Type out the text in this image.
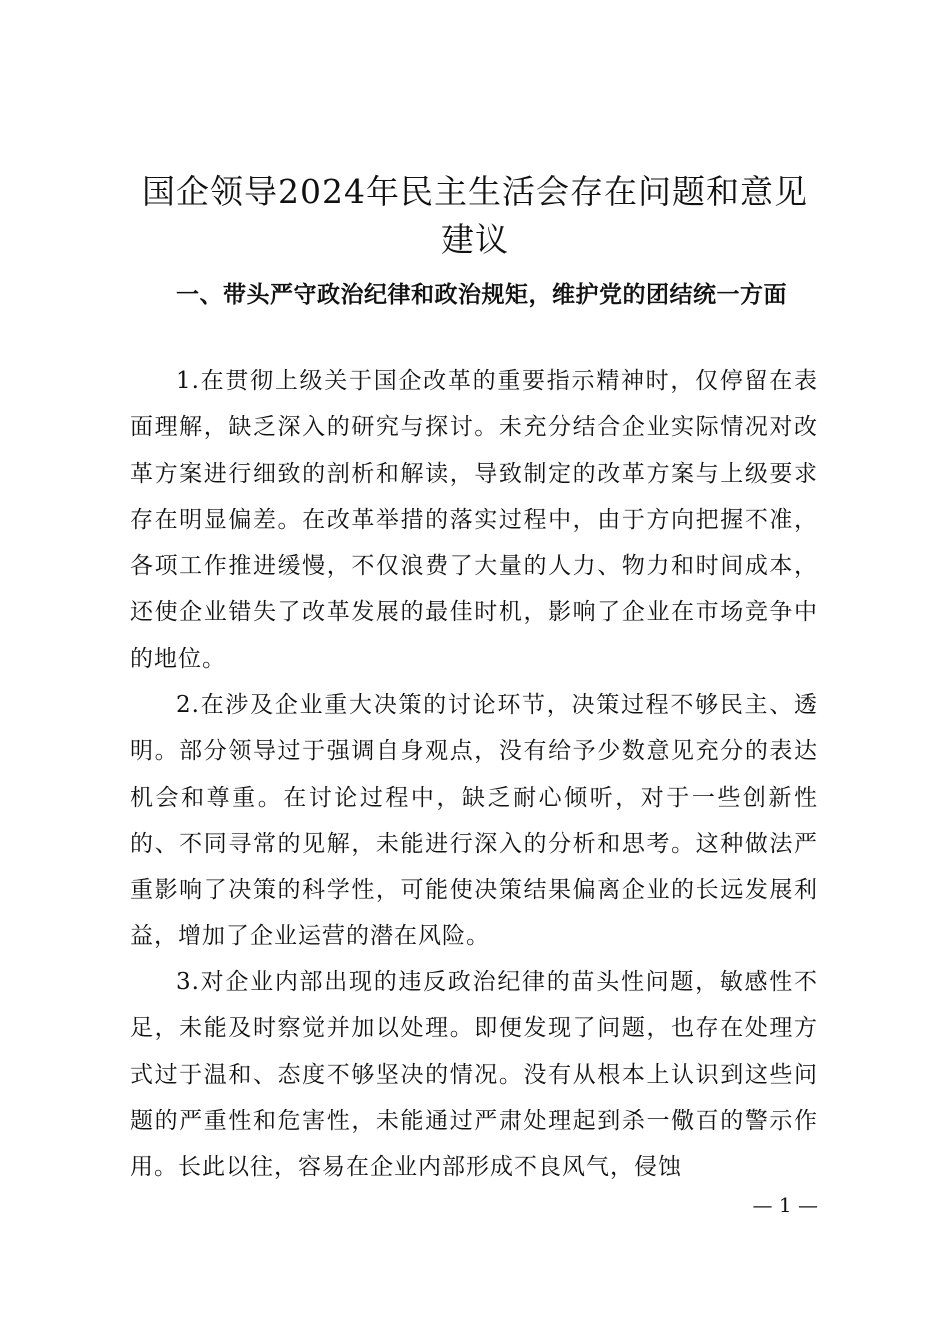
国企领导2024年民主生活会存在问题和意见建议
一、带头严守政治纪律和政治规矩，维护党的团结统一方面

1.在贯彻上级关于国企改革的重要指示精神时，仅停留在表面理解，缺乏深入的研究与探讨。未充分结合企业实际情况对改革方案进行细致的剖析和解读，导致制定的改革方案与上级要求存在明显偏差。在改革举措的落实过程中，由于方向把握不准，各项工作推进缓慢，不仅浪费了大量的人力、物力和时间成本，还使企业错失了改革发展的最佳时机，影响了企业在市场竞争中的地位。

2.在涉及企业重大决策的讨论环节，决策过程不够民主、透明。部分领导过于强调自身观点，没有给予少数意见充分的表达机会和尊重。在讨论过程中，缺乏耐心倾听，对于一些创新性的、不同寻常的见解，未能进行深入的分析和思考。这种做法严重影响了决策的科学性，可能使决策结果偏离企业的长远发展利益，增加了企业运营的潜在风险。

3.对企业内部出现的违反政治纪律的苗头性问题，敏感性不足，未能及时察觉并加以处理。即便发现了问题，也存在处理方式过于温和、态度不够坚决的情况。没有从根本上认识到这些问题的严重性和危害性，未能通过严肃处理起到杀一儆百的警示作用。长此以往，容易在企业内部形成不良风气，侵蚀

— 1 —
